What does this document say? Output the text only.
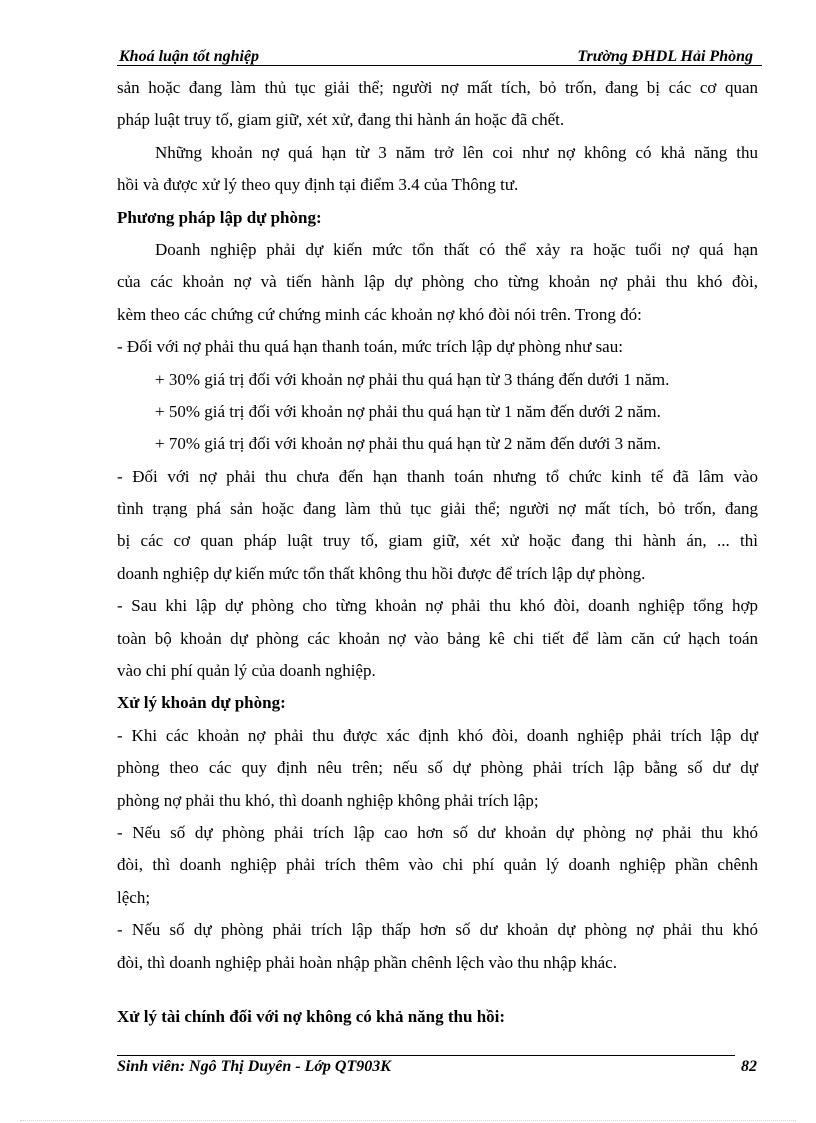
Khoá luận tốt nghiệp	Trường ĐHDL Hải Phòng
sản hoặc đang làm thủ tục giải thể; người nợ mất tích, bỏ trốn, đang bị các cơ quan
pháp luật truy tố, giam giữ, xét xử, đang thi hành án hoặc đã chết.
Những khoản nợ quá hạn từ 3 năm trở lên coi như nợ không có khả năng thu
hồi và được xử lý theo quy định tại điểm 3.4 của Thông tư.
Phương pháp lập dự phòng:
Doanh nghiệp phải dự kiến mức tổn thất có thể xảy ra hoặc tuổi nợ quá hạn
của các khoản nợ và tiến hành lập dự phòng cho từng khoản nợ phải thu khó đòi,
kèm theo các chứng cứ chứng minh các khoản nợ khó đòi nói trên. Trong đó:
- Đối với nợ phải thu quá hạn thanh toán, mức trích lập dự phòng như sau:
+ 30% giá trị đối với khoản nợ phải thu quá hạn từ 3 tháng đến dưới 1 năm.
+ 50% giá trị đối với khoản nợ phải thu quá hạn từ 1 năm đến dưới 2 năm.
+ 70% giá trị đối với khoản nợ phải thu quá hạn từ 2 năm đến dưới 3 năm.
- Đối với nợ phải thu chưa đến hạn thanh toán nhưng tổ chức kinh tế đã lâm vào
tình trạng phá sản hoặc đang làm thủ tục giải thể; người nợ mất tích, bỏ trốn, đang
bị các cơ quan pháp luật truy tố, giam giữ, xét xử hoặc đang thi hành án, ... thì
doanh nghiệp dự kiến mức tổn thất không thu hồi được để trích lập dự phòng.
- Sau khi lập dự phòng cho từng khoản nợ phải thu khó đòi, doanh nghiệp tổng hợp
toàn bộ khoản dự phòng các khoản nợ vào bảng kê chi tiết để làm căn cứ hạch toán
vào chi phí quản lý của doanh nghiệp.
Xử lý khoản dự phòng:
- Khi các khoản nợ phải thu được xác định khó đòi, doanh nghiệp phải trích lập dự
phòng theo các quy định nêu trên; nếu số dự phòng phải trích lập bằng số dư dự
phòng nợ phải thu khó, thì doanh nghiệp không phải trích lập;
- Nếu số dự phòng phải trích lập cao hơn số dư khoản dự phòng nợ phải thu khó
đòi, thì doanh nghiệp phải trích thêm vào chi phí quản lý doanh nghiệp phần chênh
lệch;
- Nếu số dự phòng phải trích lập thấp hơn số dư khoản dự phòng nợ phải thu khó
đòi, thì doanh nghiệp phải hoàn nhập phần chênh lệch vào thu nhập khác.
Xử lý tài chính đối với nợ không có khả năng thu hồi:
Sinh viên: Ngô Thị Duyên - Lớp QT903K	82
